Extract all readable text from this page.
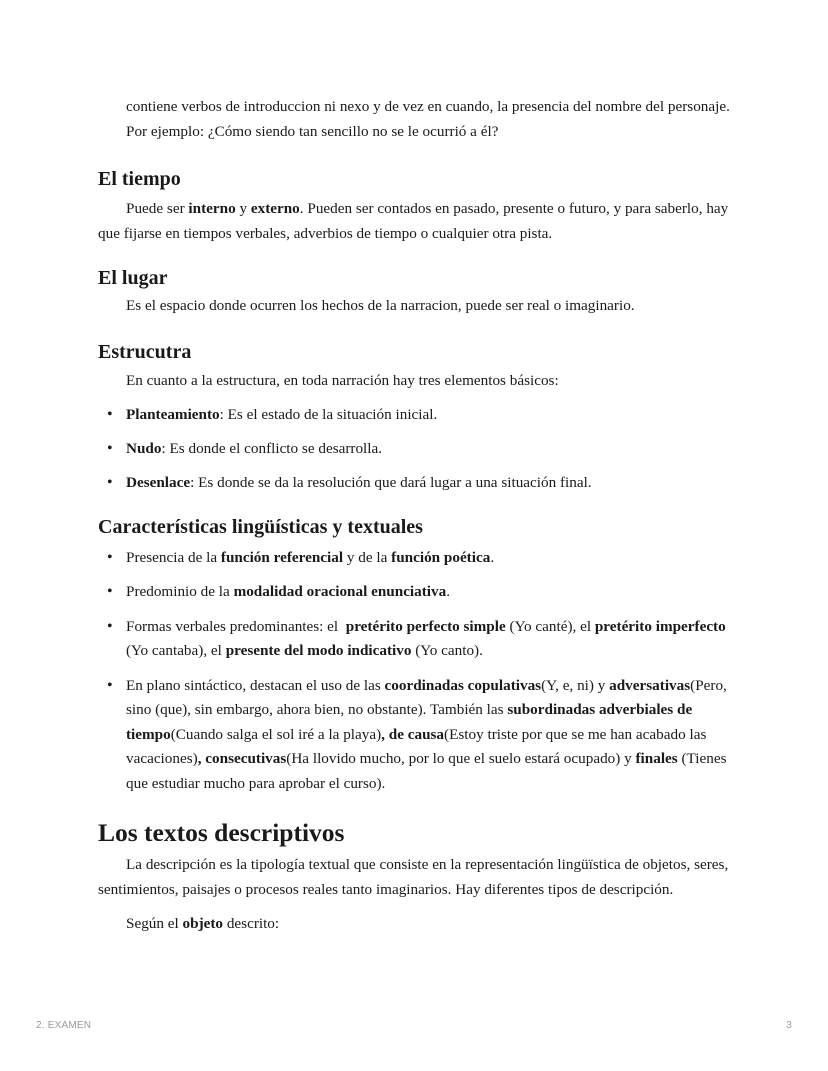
contiene verbos de introduccion ni nexo y de vez en cuando, la presencia del nombre del personaje. Por ejemplo: ¿Cómo siendo tan sencillo no se le ocurrió a él?

El tiempo

Puede ser interno y externo. Pueden ser contados en pasado, presente o futuro, y para saberlo, hay que fijarse en tiempos verbales, adverbios de tiempo o cualquier otra pista.

El lugar

Es el espacio donde ocurren los hechos de la narracion, puede ser real o imaginario.

Estrucutra

En cuanto a la estructura, en toda narración hay tres elementos básicos:

• Planteamiento: Es el estado de la situación inicial.
• Nudo: Es donde el conflicto se desarrolla.
• Desenlace: Es donde se da la resolución que dará lugar a una situación final.
Características lingüísticas y textuales
• Presencia de la función referencial y de la función poética.
• Predominio de la modalidad oracional enunciativa.
• Formas verbales predominantes: el  pretérito perfecto simple (Yo canté), el pretérito imperfecto (Yo cantaba), el presente del modo indicativo (Yo canto).
• En plano sintáctico, destacan el uso de las coordinadas copulativas(Y, e, ni) y adversativas(Pero, sino (que), sin embargo, ahora bien, no obstante). También las subordinadas adverbiales de tiempo(Cuando salga el sol iré a la playa), de causa(Estoy triste por que se me han acabado las vacaciones), consecutivas(Ha llovido mucho, por lo que el suelo estará ocupado) y finales (Tienes que estudiar mucho para aprobar el curso).
Los textos descriptivos

La descripción es la tipología textual que consiste en la representación lingüïstica de objetos, seres, sentimientos, paisajes o procesos reales tanto imaginarios. Hay diferentes tipos de descripción.

Según el objeto descrito:

2. EXAMEN	3
